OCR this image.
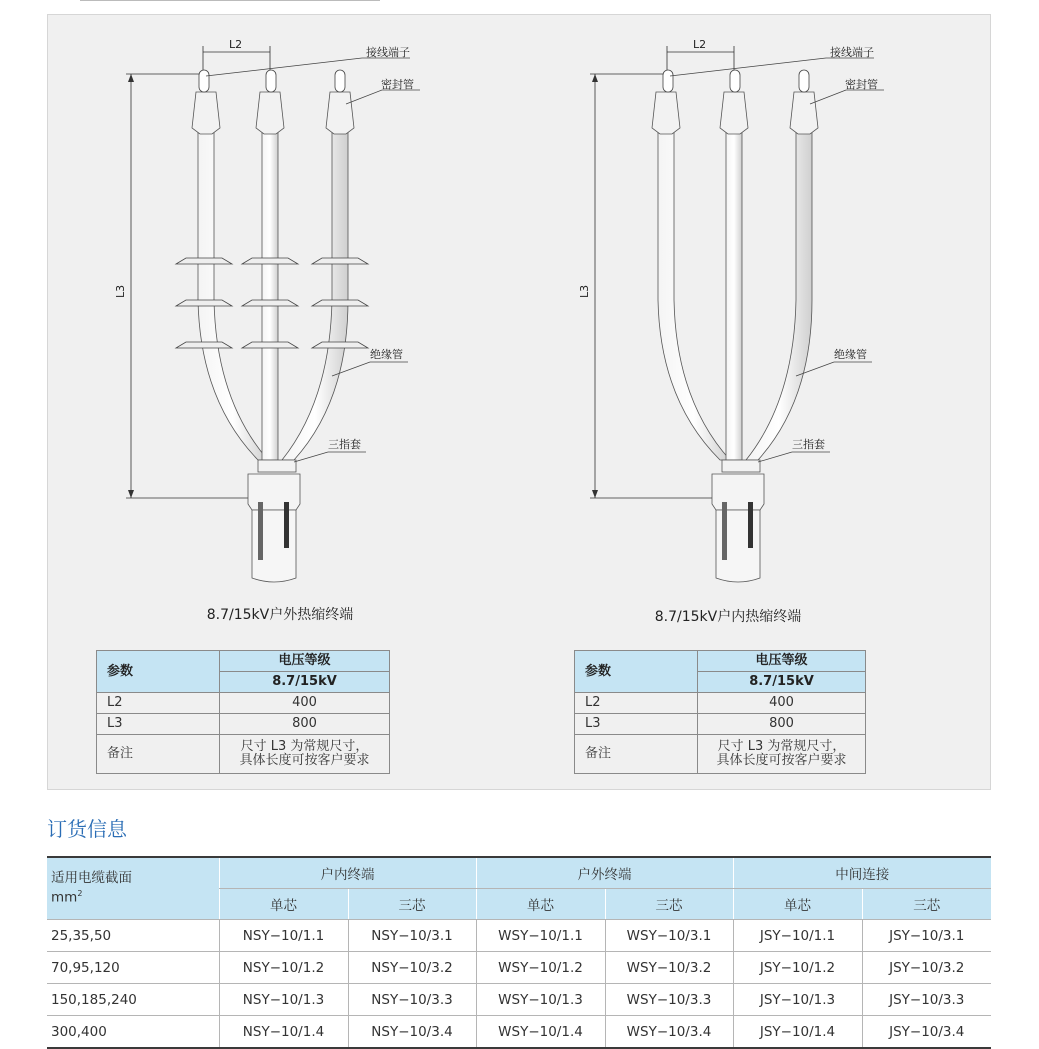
L2
L3
接线端子
密封管
绝缘管
三指套
L2
L3
接线端子
密封管
绝缘管
三指套
8.7/15kV户外热缩终端	8.7/15kV户内热缩终端
参数	电压等级
	8.7/15kV
L2	400
L3	800
备注	尺寸 L3 为常规尺寸，
具体长度可按客户要求
参数	电压等级
	8.7/15kV
L2	400
L3	800
备注	尺寸 L3 为常规尺寸，
具体长度可按客户要求
订货信息
适用电缆截面
$mm^2$	户内终端		户外终端		中间连接	
	单芯	三芯	单芯	三芯	单芯	三芯
25,35,50	NSY−10/1.1	NSY−10/3.1	WSY−10/1.1	WSY−10/3.1	JSY−10/1.1	JSY−10/3.1
70,95,120	NSY−10/1.2	NSY−10/3.2	WSY−10/1.2	WSY−10/3.2	JSY−10/1.2	JSY−10/3.2
150,185,240	NSY−10/1.3	NSY−10/3.3	WSY−10/1.3	WSY−10/3.3	JSY−10/1.3	JSY−10/3.3
300,400	NSY−10/1.4	NSY−10/3.4	WSY−10/1.4	WSY−10/3.4	JSY−10/1.4	JSY−10/3.4
